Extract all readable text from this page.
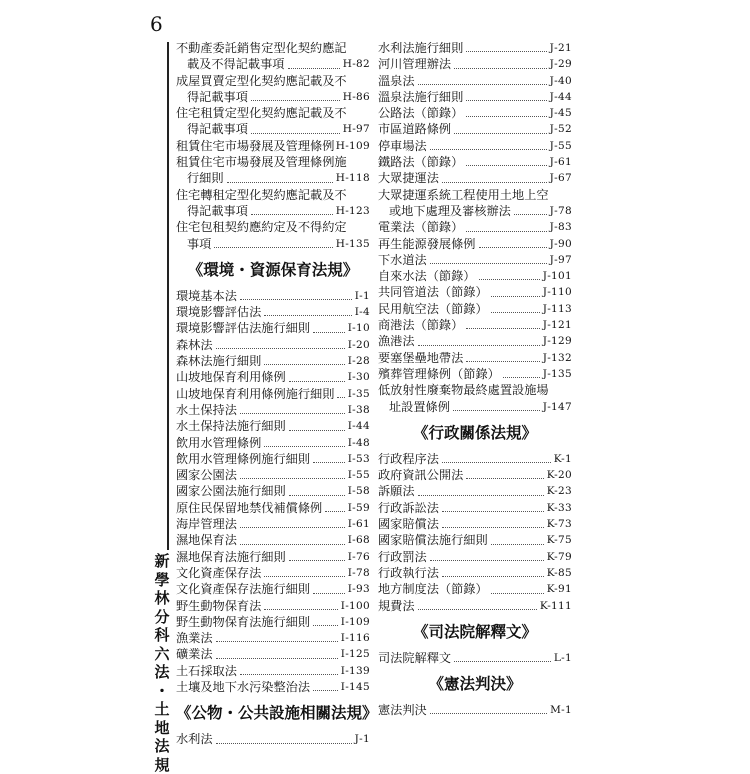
6
新
學
林
分
科
六
法
・
土
地
法
規
不動產委託銷售定型化契約應記
載及不得記載事項	H-82
成屋買賣定型化契約應記載及不
得記載事項	H-86
住宅租賃定型化契約應記載及不
得記載事項	H-97
租賃住宅市場發展及管理條例 H-109
租賃住宅市場發展及管理條例施
行細則	H-118
住宅轉租定型化契約應記載及不
得記載事項	H-123
住宅包租契約應約定及不得約定
事項	H-135
《環境・資源保育法規》
環境基本法	I-1
環境影響評估法	I-4
環境影響評估法施行細則	I-10
森林法	I-20
森林法施行細則	I-28
山坡地保育利用條例	I-30
山坡地保育利用條例施行細則 I-35
水土保持法	I-38
水土保持法施行細則	I-44
飲用水管理條例	I-48
飲用水管理條例施行細則	I-53
國家公園法	I-55
國家公園法施行細則	I-58
原住民保留地禁伐補償條例 I-59
海岸管理法	I-61
濕地保育法	I-68
濕地保育法施行細則	I-76
文化資產保存法	I-78
文化資產保存法施行細則	I-93
野生動物保育法	I-100
野生動物保育法施行細則	I-109
漁業法	I-116
礦業法	I-125
土石採取法	I-139
土壤及地下水污染整治法	I-145
《公物・公共設施相關法規》
水利法	J-1
水利法施行細則	J-21
河川管理辦法	J-29
溫泉法	J-40
溫泉法施行細則	J-44
公路法（節錄）	J-45
市區道路條例	J-52
停車場法	J-55
鐵路法（節錄）	J-61
大眾捷運法	J-67
大眾捷運系統工程使用土地上空
或地下處理及審核辦法	J-78
電業法（節錄）	J-83
再生能源發展條例	J-90
下水道法	J-97
自來水法（節錄）	J-101
共同管道法（節錄）	J-110
民用航空法（節錄）	J-113
商港法（節錄）	J-121
漁港法	J-129
要塞堡壘地帶法	J-132
殯葬管理條例（節錄）	J-135
低放射性廢棄物最終處置設施場
址設置條例	J-147
《行政關係法規》
行政程序法	K-1
政府資訊公開法	K-20
訴願法	K-23
行政訴訟法	K-33
國家賠償法	K-73
國家賠償法施行細則	K-75
行政罰法	K-79
行政執行法	K-85
地方制度法（節錄）	K-91
規費法	K-111
《司法院解釋文》
司法院解釋文	L-1
《憲法判決》
憲法判決	M-1
